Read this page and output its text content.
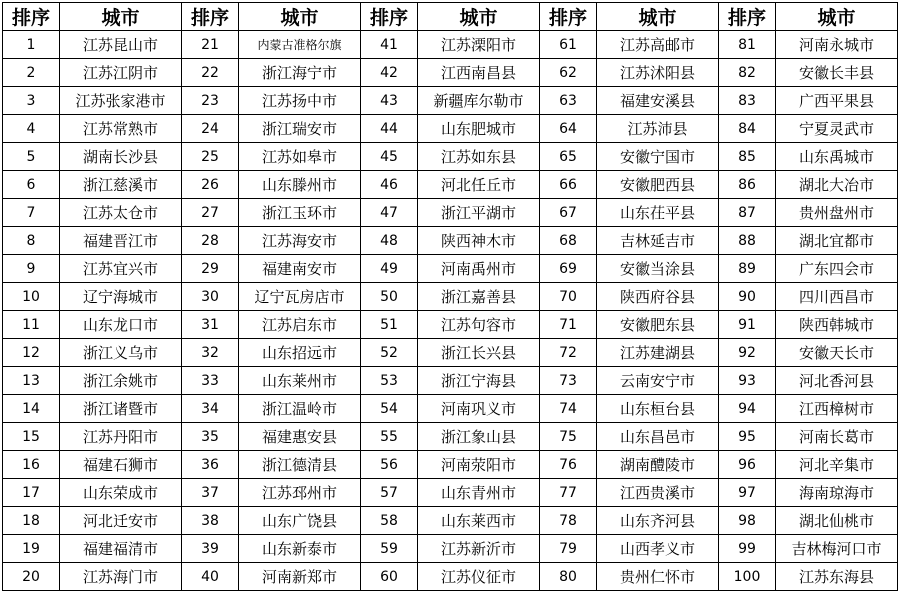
排序	城市	排序	城市	排序	城市	排序	城市	排序	城市
1	江苏昆山市	21	内蒙古准格尔旗	41	江苏溧阳市	61	江苏高邮市	81	河南永城市
2	江苏江阴市	22	浙江海宁市	42	江西南昌县	62	江苏沭阳县	82	安徽长丰县
3	江苏张家港市	23	江苏扬中市	43	新疆库尔勒市	63	福建安溪县	83	广西平果县
4	江苏常熟市	24	浙江瑞安市	44	山东肥城市	64	江苏沛县	84	宁夏灵武市
5	湖南长沙县	25	江苏如皋市	45	江苏如东县	65	安徽宁国市	85	山东禹城市
6	浙江慈溪市	26	山东滕州市	46	河北任丘市	66	安徽肥西县	86	湖北大冶市
7	江苏太仓市	27	浙江玉环市	47	浙江平湖市	67	山东茌平县	87	贵州盘州市
8	福建晋江市	28	江苏海安市	48	陕西神木市	68	吉林延吉市	88	湖北宜都市
9	江苏宜兴市	29	福建南安市	49	河南禹州市	69	安徽当涂县	89	广东四会市
10	辽宁海城市	30	辽宁瓦房店市	50	浙江嘉善县	70	陕西府谷县	90	四川西昌市
11	山东龙口市	31	江苏启东市	51	江苏句容市	71	安徽肥东县	91	陕西韩城市
12	浙江义乌市	32	山东招远市	52	浙江长兴县	72	江苏建湖县	92	安徽天长市
13	浙江余姚市	33	山东莱州市	53	浙江宁海县	73	云南安宁市	93	河北香河县
14	浙江诸暨市	34	浙江温岭市	54	河南巩义市	74	山东桓台县	94	江西樟树市
15	江苏丹阳市	35	福建惠安县	55	浙江象山县	75	山东昌邑市	95	河南长葛市
16	福建石狮市	36	浙江德清县	56	河南荥阳市	76	湖南醴陵市	96	河北辛集市
17	山东荣成市	37	江苏邳州市	57	山东青州市	77	江西贵溪市	97	海南琼海市
18	河北迁安市	38	山东广饶县	58	山东莱西市	78	山东齐河县	98	湖北仙桃市
19	福建福清市	39	山东新泰市	59	江苏新沂市	79	山西孝义市	99	吉林梅河口市
20	江苏海门市	40	河南新郑市	60	江苏仪征市	80	贵州仁怀市	100	江苏东海县
